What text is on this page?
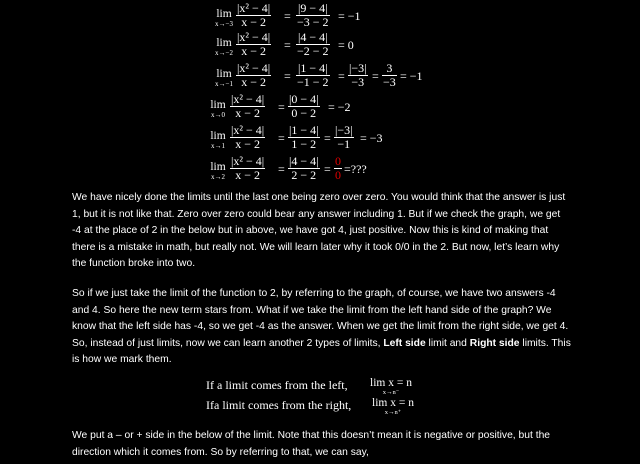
lim
$x\to-3 \frac{\text{|x² − 4|}}{x - 2} = \frac{|9 - 4|}{-3 - 2} = -1$
lim
$x\to-2 \frac{\text{|x² − 4|}}{x - 2} = \frac{|4 - 4|}{-2 - 2} = 0$
lim
$x\to-1 \frac{\text{|x² − 4|}}{x - 2} = \frac{|1 - 4|}{-1 - 2} = \frac{|-3|}{-3} = \frac{3}{-3} = -1$
lim
$x\to 0 \frac{\text{|x² − 4|}}{x - 2} = \frac{|0 - 4|}{0 - 2} = -2$
lim
$x\to 1 \frac{\text{|x² − 4|}}{x - 2} = \frac{|1 - 4|}{1 - 2} = \frac{|-3|}{-1} = -3$
lim
$x\to 2 \frac{\text{|x² − 4|}}{x - 2} = \frac{|4 - 4|}{2 - 2} = \frac{0}{0}$ =???

We have nicely done the limits until the last one being zero over zero. You would think that the answer is just 1, but it is not like that. Zero over zero could bear any answer including 1. But if we check the graph, we get -4 at the place of 2 in the below but in above, we have got 4, just positive. Now this is kind of making that there is a mistake in math, but really not. We will learn later why it took 0/0 in the 2. But now, let’s learn why the function broke into two.

So if we just take the limit of the function to 2, by referring to the graph, of course, we have two answers -4 and 4. So here the new term stars from. What if we take the limit from the left hand side of the graph? We know that the left side has -4, so we get -4 as the answer. When we get the limit from the right side, we get 4. So, instead of just limits, now we can learn another 2 types of limits, Left side limit and Right side limits. This is how we mark them.

If a limit comes from the left, lim x = n
x→n⁻
Ifa limit comes from the right, lim x = n
x→n⁺

We put a – or + side in the below of the limit. Note that this doesn’t mean it is negative or positive, but the direction which it comes from. So by referring to that, we can say,
